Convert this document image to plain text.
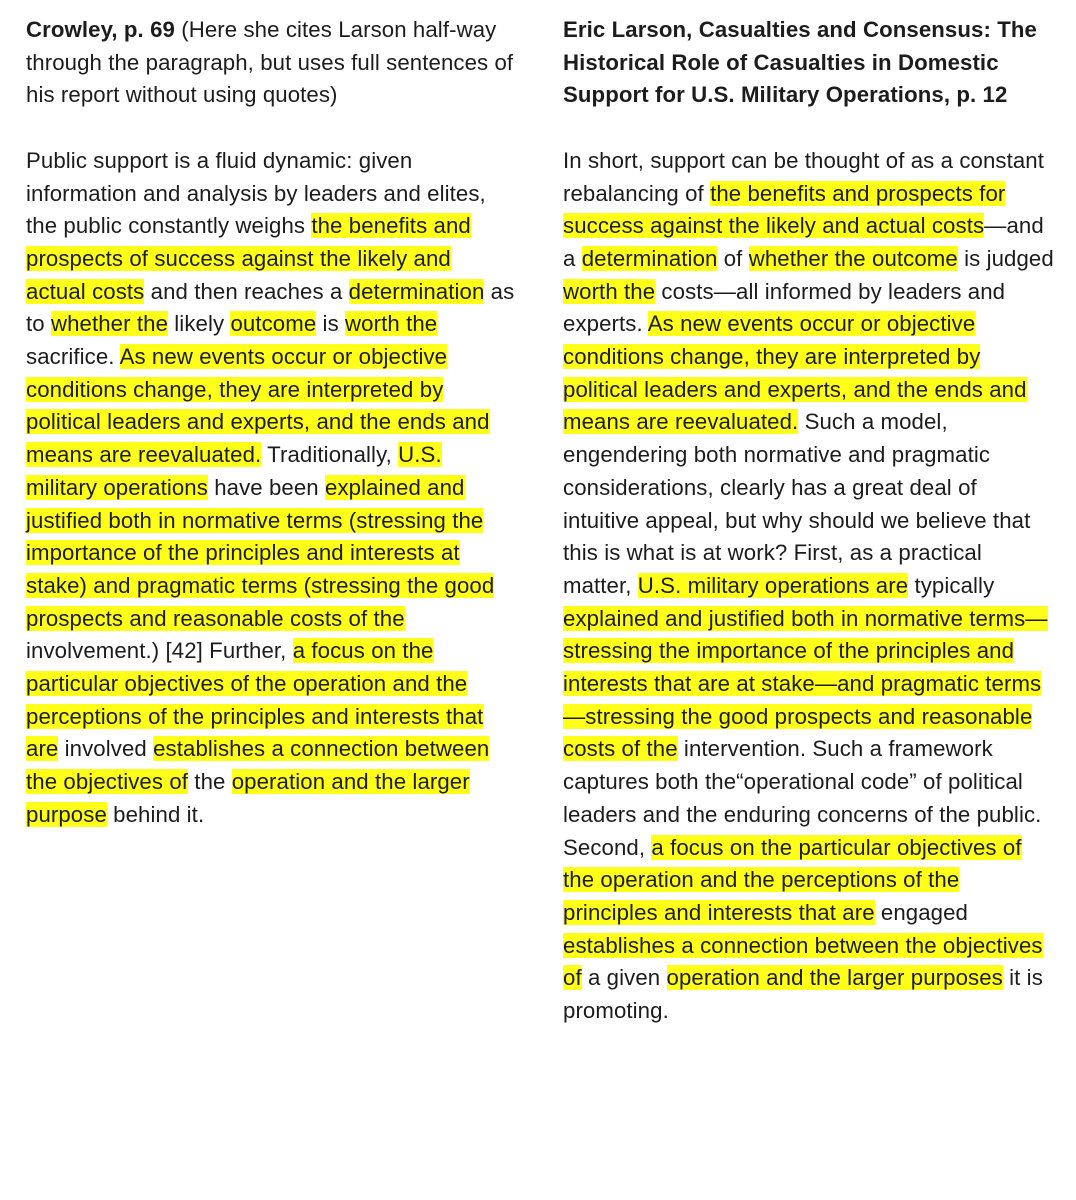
Crowley, p. 69 (Here she cites Larson half-way through the paragraph, but uses full sentences of his report without using quotes)

Public support is a fluid dynamic: given information and analysis by leaders and elites, the public constantly weighs the benefits and prospects of success against the likely and actual costs and then reaches a determination as to whether the likely outcome is worth the sacrifice. As new events occur or objective conditions change, they are interpreted by political leaders and experts, and the ends and means are reevaluated. Traditionally, U.S. military operations have been explained and justified both in normative terms (stressing the importance of the principles and interests at stake) and pragmatic terms (stressing the good prospects and reasonable costs of the involvement.) [42] Further, a focus on the particular objectives of the operation and the perceptions of the principles and interests that are involved establishes a connection between the objectives of the operation and the larger purpose behind it.

Eric Larson, Casualties and Consensus: The Historical Role of Casualties in Domestic Support for U.S. Military Operations, p. 12

In short, support can be thought of as a constant rebalancing of the benefits and prospects for success against the likely and actual costs—and a determination of whether the outcome is judged worth the costs—all informed by leaders and experts. As new events occur or objective conditions change, they are interpreted by political leaders and experts, and the ends and means are reevaluated. Such a model, engendering both normative and pragmatic considerations, clearly has a great deal of intuitive appeal, but why should we believe that this is what is at work? First, as a practical matter, U.S. military operations are typically explained and justified both in normative terms—stressing the importance of the principles and interests that are at stake—and pragmatic terms—stressing the good prospects and reasonable costs of the intervention. Such a framework captures both the“operational code” of political leaders and the enduring concerns of the public. Second, a focus on the particular objectives of the operation and the perceptions of the principles and interests that are engaged establishes a connection between the objectives of a given operation and the larger purposes it is promoting.
